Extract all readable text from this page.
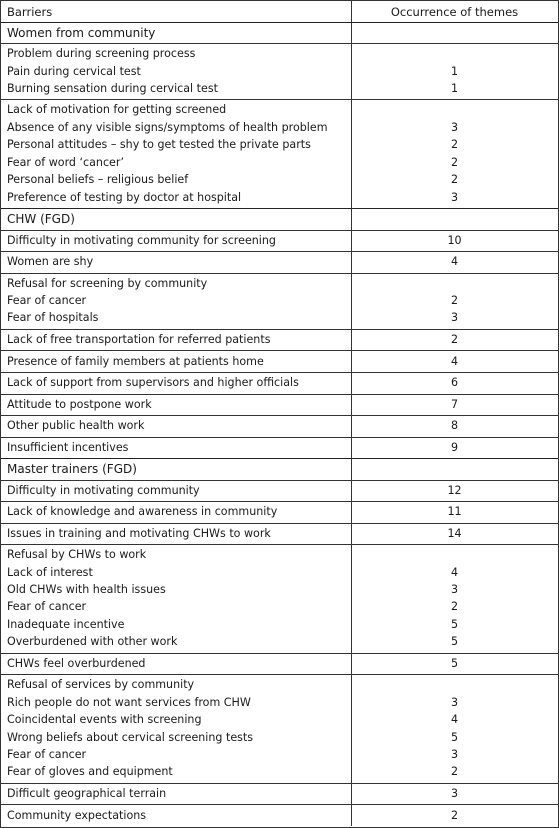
Barriers	Occurrence of themes
Women from community
Problem during screening process
Pain during cervical test	1
Burning sensation during cervical test	1
Lack of motivation for getting screened
Absence of any visible signs/symptoms of health problem	3
Personal attitudes – shy to get tested the private parts	2
Fear of word ‘cancer’	2
Personal beliefs – religious belief	2
Preference of testing by doctor at hospital	3
CHW (FGD)
Difficulty in motivating community for screening	10
Women are shy	4
Refusal for screening by community
Fear of cancer	2
Fear of hospitals	3
Lack of free transportation for referred patients	2
Presence of family members at patients home	4
Lack of support from supervisors and higher officials	6
Attitude to postpone work	7
Other public health work	8
Insufficient incentives	9
Master trainers (FGD)
Difficulty in motivating community	12
Lack of knowledge and awareness in community	11
Issues in training and motivating CHWs to work	14
Refusal by CHWs to work
Lack of interest	4
Old CHWs with health issues	3
Fear of cancer	2
Inadequate incentive	5
Overburdened with other work	5
CHWs feel overburdened	5
Refusal of services by community
Rich people do not want services from CHW	3
Coincidental events with screening	4
Wrong beliefs about cervical screening tests	5
Fear of cancer	3
Fear of gloves and equipment	2
Difficult geographical terrain	3
Community expectations	2
